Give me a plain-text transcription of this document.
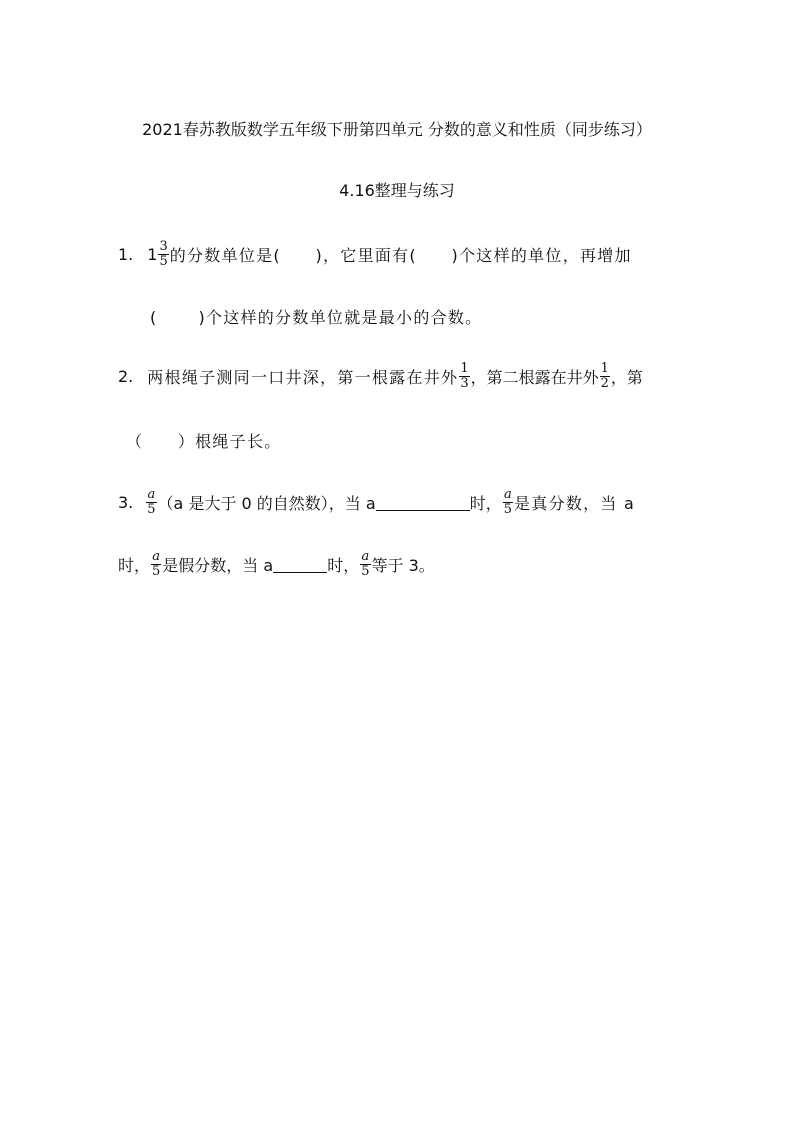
2021春苏教版数学五年级下册第四单元 分数的意义和性质（同步练习）
4.16整理与练习
1. $1 \frac{3}{5}$ 的分数单位是(　　)，它里面有(　　)个这样的单位，再增加
(　　 )个这样的分数单位就是最小的合数。
2. 两根绳子测同一口井深，第一根露在井外 $\frac{1}{3}$ ，第二根露在井外 $\frac{1}{2}$ ，第
（　　）根绳子长。
3. $\frac{a}{5} (a$ 是大于 0 的自然数），当 a	时， $\frac{a}{5}$ 是真分数，当 a
时， $\frac{a}{5}$ 是假分数，当 a	时， $\frac{a}{5}$ 等于 3。
